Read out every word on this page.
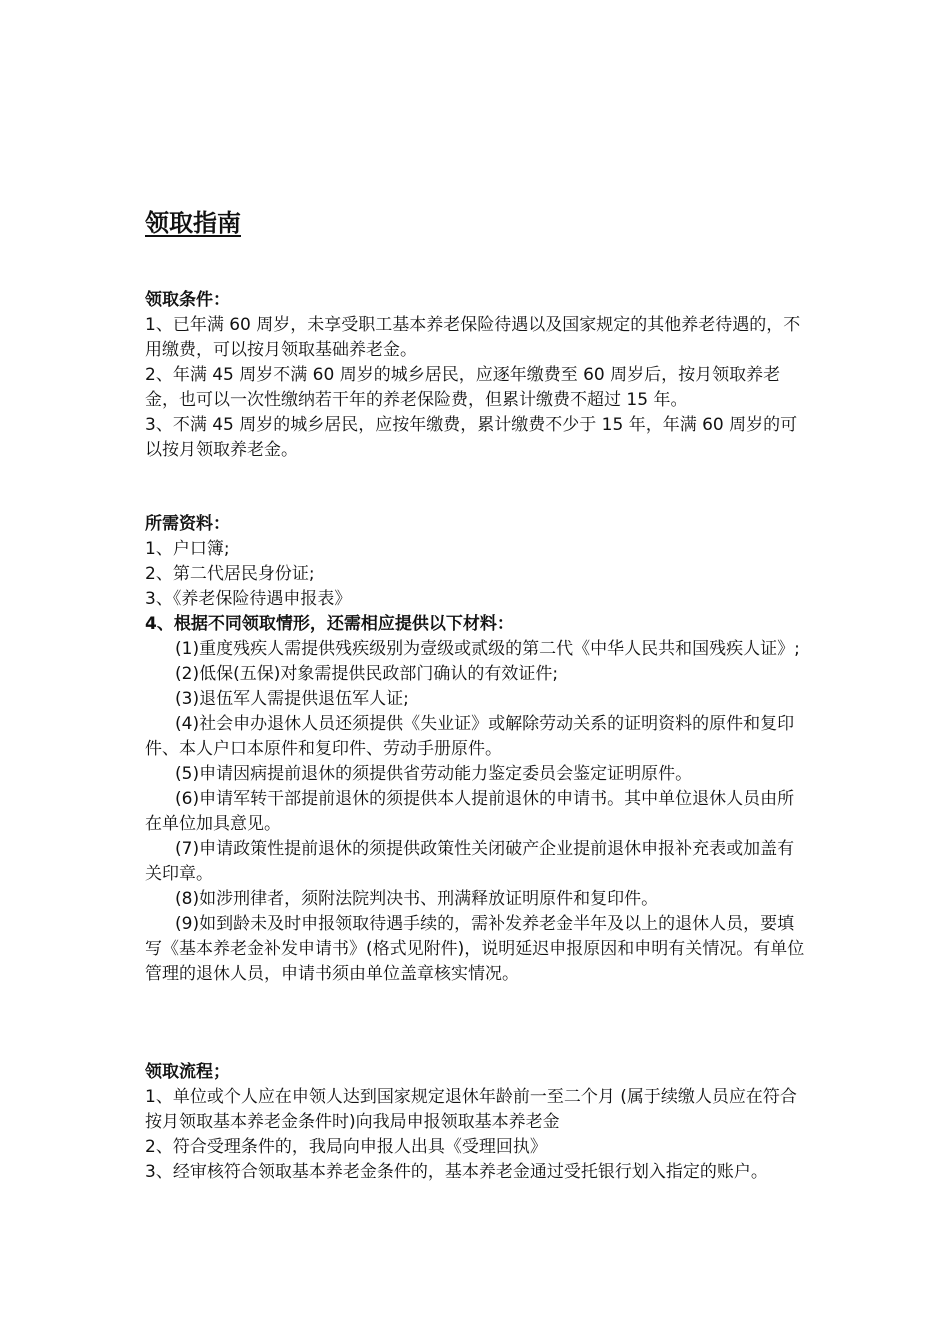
领取指南

领取条件：

1、已年满 60 周岁，未享受职工基本养老保险待遇以及国家规定的其他养老待遇的，不用缴费，可以按月领取基础养老金。

2、年满 45 周岁不满 60 周岁的城乡居民，应逐年缴费至 60 周岁后，按月领取养老金，也可以一次性缴纳若干年的养老保险费，但累计缴费不超过 15 年。

3、不满 45 周岁的城乡居民，应按年缴费，累计缴费不少于 15 年，年满 60 周岁的可以按月领取养老金。

所需资料：

1、户口簿;

2、第二代居民身份证;

3、《养老保险待遇申报表》

4、根据不同领取情形，还需相应提供以下材料：

(1)重度残疾人需提供残疾级别为壹级或贰级的第二代《中华人民共和国残疾人证》;

(2)低保(五保)对象需提供民政部门确认的有效证件;

(3)退伍军人需提供退伍军人证;

(4)社会申办退休人员还须提供《失业证》或解除劳动关系的证明资料的原件和复印件、本人户口本原件和复印件、劳动手册原件。

(5)申请因病提前退休的须提供省劳动能力鉴定委员会鉴定证明原件。

(6)申请军转干部提前退休的须提供本人提前退休的申请书。其中单位退休人员由所在单位加具意见。

(7)申请政策性提前退休的须提供政策性关闭破产企业提前退休申报补充表或加盖有关印章。

(8)如涉刑律者，须附法院判决书、刑满释放证明原件和复印件。

(9)如到龄未及时申报领取待遇手续的，需补发养老金半年及以上的退休人员，要填写《基本养老金补发申请书》(格式见附件)，说明延迟申报原因和申明有关情况。有单位管理的退休人员，申请书须由单位盖章核实情况。

领取流程；

1、单位或个人应在申领人达到国家规定退休年龄前一至二个月 (属于续缴人员应在符合按月领取基本养老金条件时)向我局申报领取基本养老金

2、符合受理条件的，我局向申报人出具《受理回执》

3、经审核符合领取基本养老金条件的，基本养老金通过受托银行划入指定的账户。
